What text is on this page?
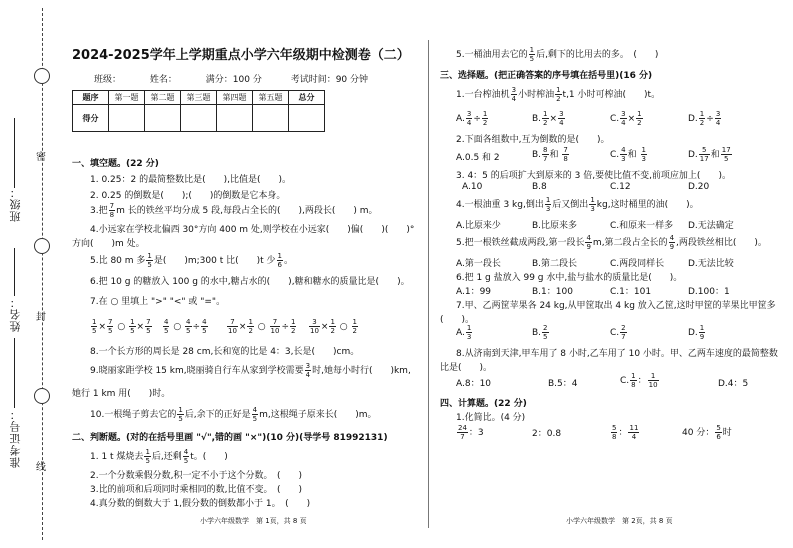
班级：
姓名：
准考证号：
密
封
线
2024-2025学年上学期重点小学六年级期中检测卷（二）
班级：	姓名：	满分：100 分	考试时间：90 分钟
题序	第一题	第二题	第三题	第四题	第五题	总分
得分						
一、填空题。(22 分)
1. 0.25：2 的最简整数比是(　　),比值是(　　)。
2. 0.25 的倒数是(　　);(　　)的倒数是它本身。
3.把 $\frac{7}{8}$ m 长的铁丝平均分成 5 段,每段占全长的(　　),两段长(　　) m。
4.小远家在学校北偏西 30°方向 400 m 处,则学校在小远家(　　)偏(　　)(　　)°
方向(　　)m 处。
5.比 80 m 多 $\frac{1}{5}$ 是(　　)m;300 t 比(　　)t 少 $\frac{1}{6}$ 。
6.把 10 g 的糖放入 100 g 的水中,糖占水的(　　),糖和糖水的质量比是(　　)。
7.在 ○ 里填上 ">" "<" 或 "="。
$\frac{1}{5} \times \frac{7}{5}$ ○ $\frac{1}{5} \times \frac{7}{5} \frac{4}{5}$ ○ $\frac{4}{5} \div \frac{4}{5}$	$\frac{7}{10} \times \frac{1}{2}$ ○ $\frac{7}{10} \div \frac{1}{2} \frac{3}{10} \times \frac{1}{2}$ ○ $\frac{1}{2}$
8.一个长方形的周长是 28 cm,长和宽的比是 4：3,长是(　　)cm。
9.晓丽家距学校 15 km,晓丽骑自行车从家到学校需要 $\frac{3}{4}$ 时,她每小时行(　　)km,
她行 1 km 用(　　)时。
10.一根绳子剪去它的 $\frac{1}{5}$ 后,余下的正好是 $\frac{4}{5} m$,这根绳子原来长(　　)m。
二、判断题。(对的在括号里画 "√",错的画 "×")(10 分)(导学号 81992131)
1. 1 t 煤烧去 $\frac{1}{5}$ 后,还剩 $\frac{4}{5}$ t。(　　)
2.一个分数乘假分数,积一定不小于这个分数。　(　　)
3.比的前项和后项同时乘相同的数,比值不变。　(　　)
4.真分数的倒数大于 1,假分数的倒数都小于 1。　(　　)
小学六年级数学　第 1页，共 8 页
5.一桶油用去它的 $\frac{1}{5}$ 后,剩下的比用去的多。　(　　)
三、选择题。(把正确答案的序号填在括号里)(16 分)
1.一台榨油机 $\frac{3}{4}$ 小时榨油 $\frac{1}{2} t,1$ 小时可榨油(　　)t。
A. $\frac{3}{4} \div \frac{1}{2}$	B. $\frac{1}{2} \times \frac{3}{4}$	C. $\frac{3}{4} \times \frac{1}{2}$	D. $\frac{1}{2} \div \frac{3}{4}$
2.下面各组数中,互为倒数的是(　　)。
A.0.5 和 2	B. $\frac{8}{7}$ 和 $\frac{7}{8}$	C. $\frac{4}{3}$ 和 $\frac{1}{3}$	D. $\frac{5}{17}$ 和 $\frac{17}{5}$
3. 4：5 的后项扩大到原来的 3 倍,要使比值不变,前项应加上(　　)。
A.10	B.8	C.12	D.20
4.一根油重 3 kg,倒出 $\frac{1}{3}$ 后又倒出 $\frac{1}{3}$ kg,这时桶里的油(　　)。
A.比原来少	B.比原来多	C.和原来一样多 D.无法确定
5.把一根铁丝截成两段,第一段长 $\frac{4}{9} m$,第二段占全长的 $\frac{4}{9}$ ,两段铁丝相比(　　)。
A.第一段长	B.第二段长	C.两段同样长	D.无法比较
6.把 1 g 盐放入 99 g 水中,盐与盐水的质量比是(　　)。
A.1：99	B.1：100	C.1：101	D.100：1
7.甲、乙两筐苹果各 24 kg,从甲筐取出 4 kg 放入乙筐,这时甲筐的苹果比甲筐多
(　　)。
A. $\frac{1}{3}$	B. $\frac{2}{5}$	C. $\frac{2}{7}$	D. $\frac{1}{9}$
8.从济南到天津,甲车用了 8 小时,乙车用了 10 小时。甲、乙两车速度的最简整数
比是(　　)。
A.8：10	B.5：4	C. $\frac{1}{8}$ ： $\frac{1}{10}$	D.4：5
四、计算题。(22 分)
1.化简比。(4 分)
$\frac{24}{7}$ ：3	2：0.8	$\frac{5}{8}$ ： $\frac{11}{4}$	40 分： $\frac{5}{6}$ 时
小学六年级数学　第 2页，共 8 页
